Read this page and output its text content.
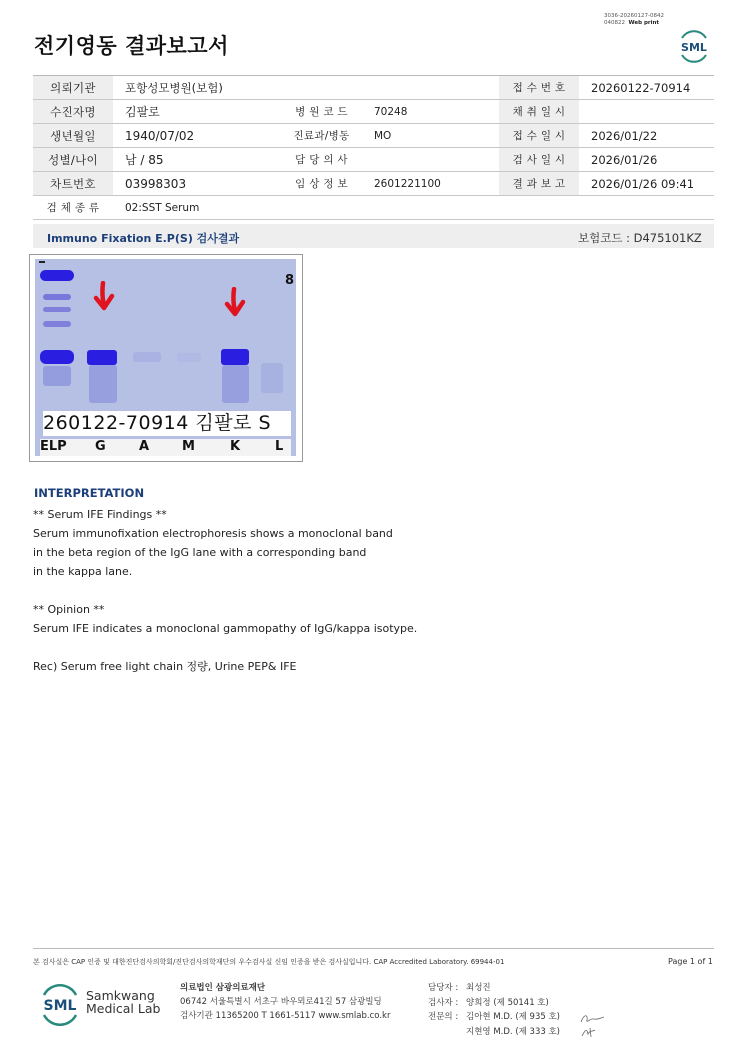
전기영동 결과보고서
3036-20260127-0842
040822 Web print
SML
의뢰기관	포항성모병원(보험)			접 수 번 호	20260122-70914
수진자명	김팔로	병 원 코 드	70248	채 취 일 시	
생년월일	1940/07/02	진료과/병동	MO	접 수 일 시	2026/01/22
성별/나이	남 / 85	담 당 의 사		검 사 일 시	2026/01/26
차트번호	03998303	임 상 정 보	2601221100	결 과 보 고	2026/01/26 09:41
검 체 종 류	02:SST Serum				
Immuno Fixation E.P(S) 검사결과	보험코드 : D475101KZ
8
260122-70914 김팔로 S
ELP G	A	M	K	L
INTERPRETATION
** Serum IFE Findings **
Serum immunofixation electrophoresis shows a monoclonal band
in the beta region of the IgG lane with a corresponding band
in the kappa lane.
** Opinion **
Serum IFE indicates a monoclonal gammopathy of IgG/kappa isotype.
Rec) Serum free light chain 정량, Urine PEP& IFE
본 검사실은 CAP 인증 및 대한진단검사의학회/진단검사의학재단의 우수검사실 신임 인증을 받은 검사실입니다. CAP Accredited Laboratory. 69944-01	Page 1 of 1
SML
Samkwang
Medical Lab
의료법인 삼광의료재단
06742 서울특별시 서초구 바우뫼로41길 57 삼광빌딩
검사기관 11365200 T 1661-5117 www.smlab.co.kr
담당자 : 최성진
검사자 : 양희정 (제 50141 호)
전문의 : 김아현 M.D. (제 935 호)
지현영 M.D. (제 333 호)
